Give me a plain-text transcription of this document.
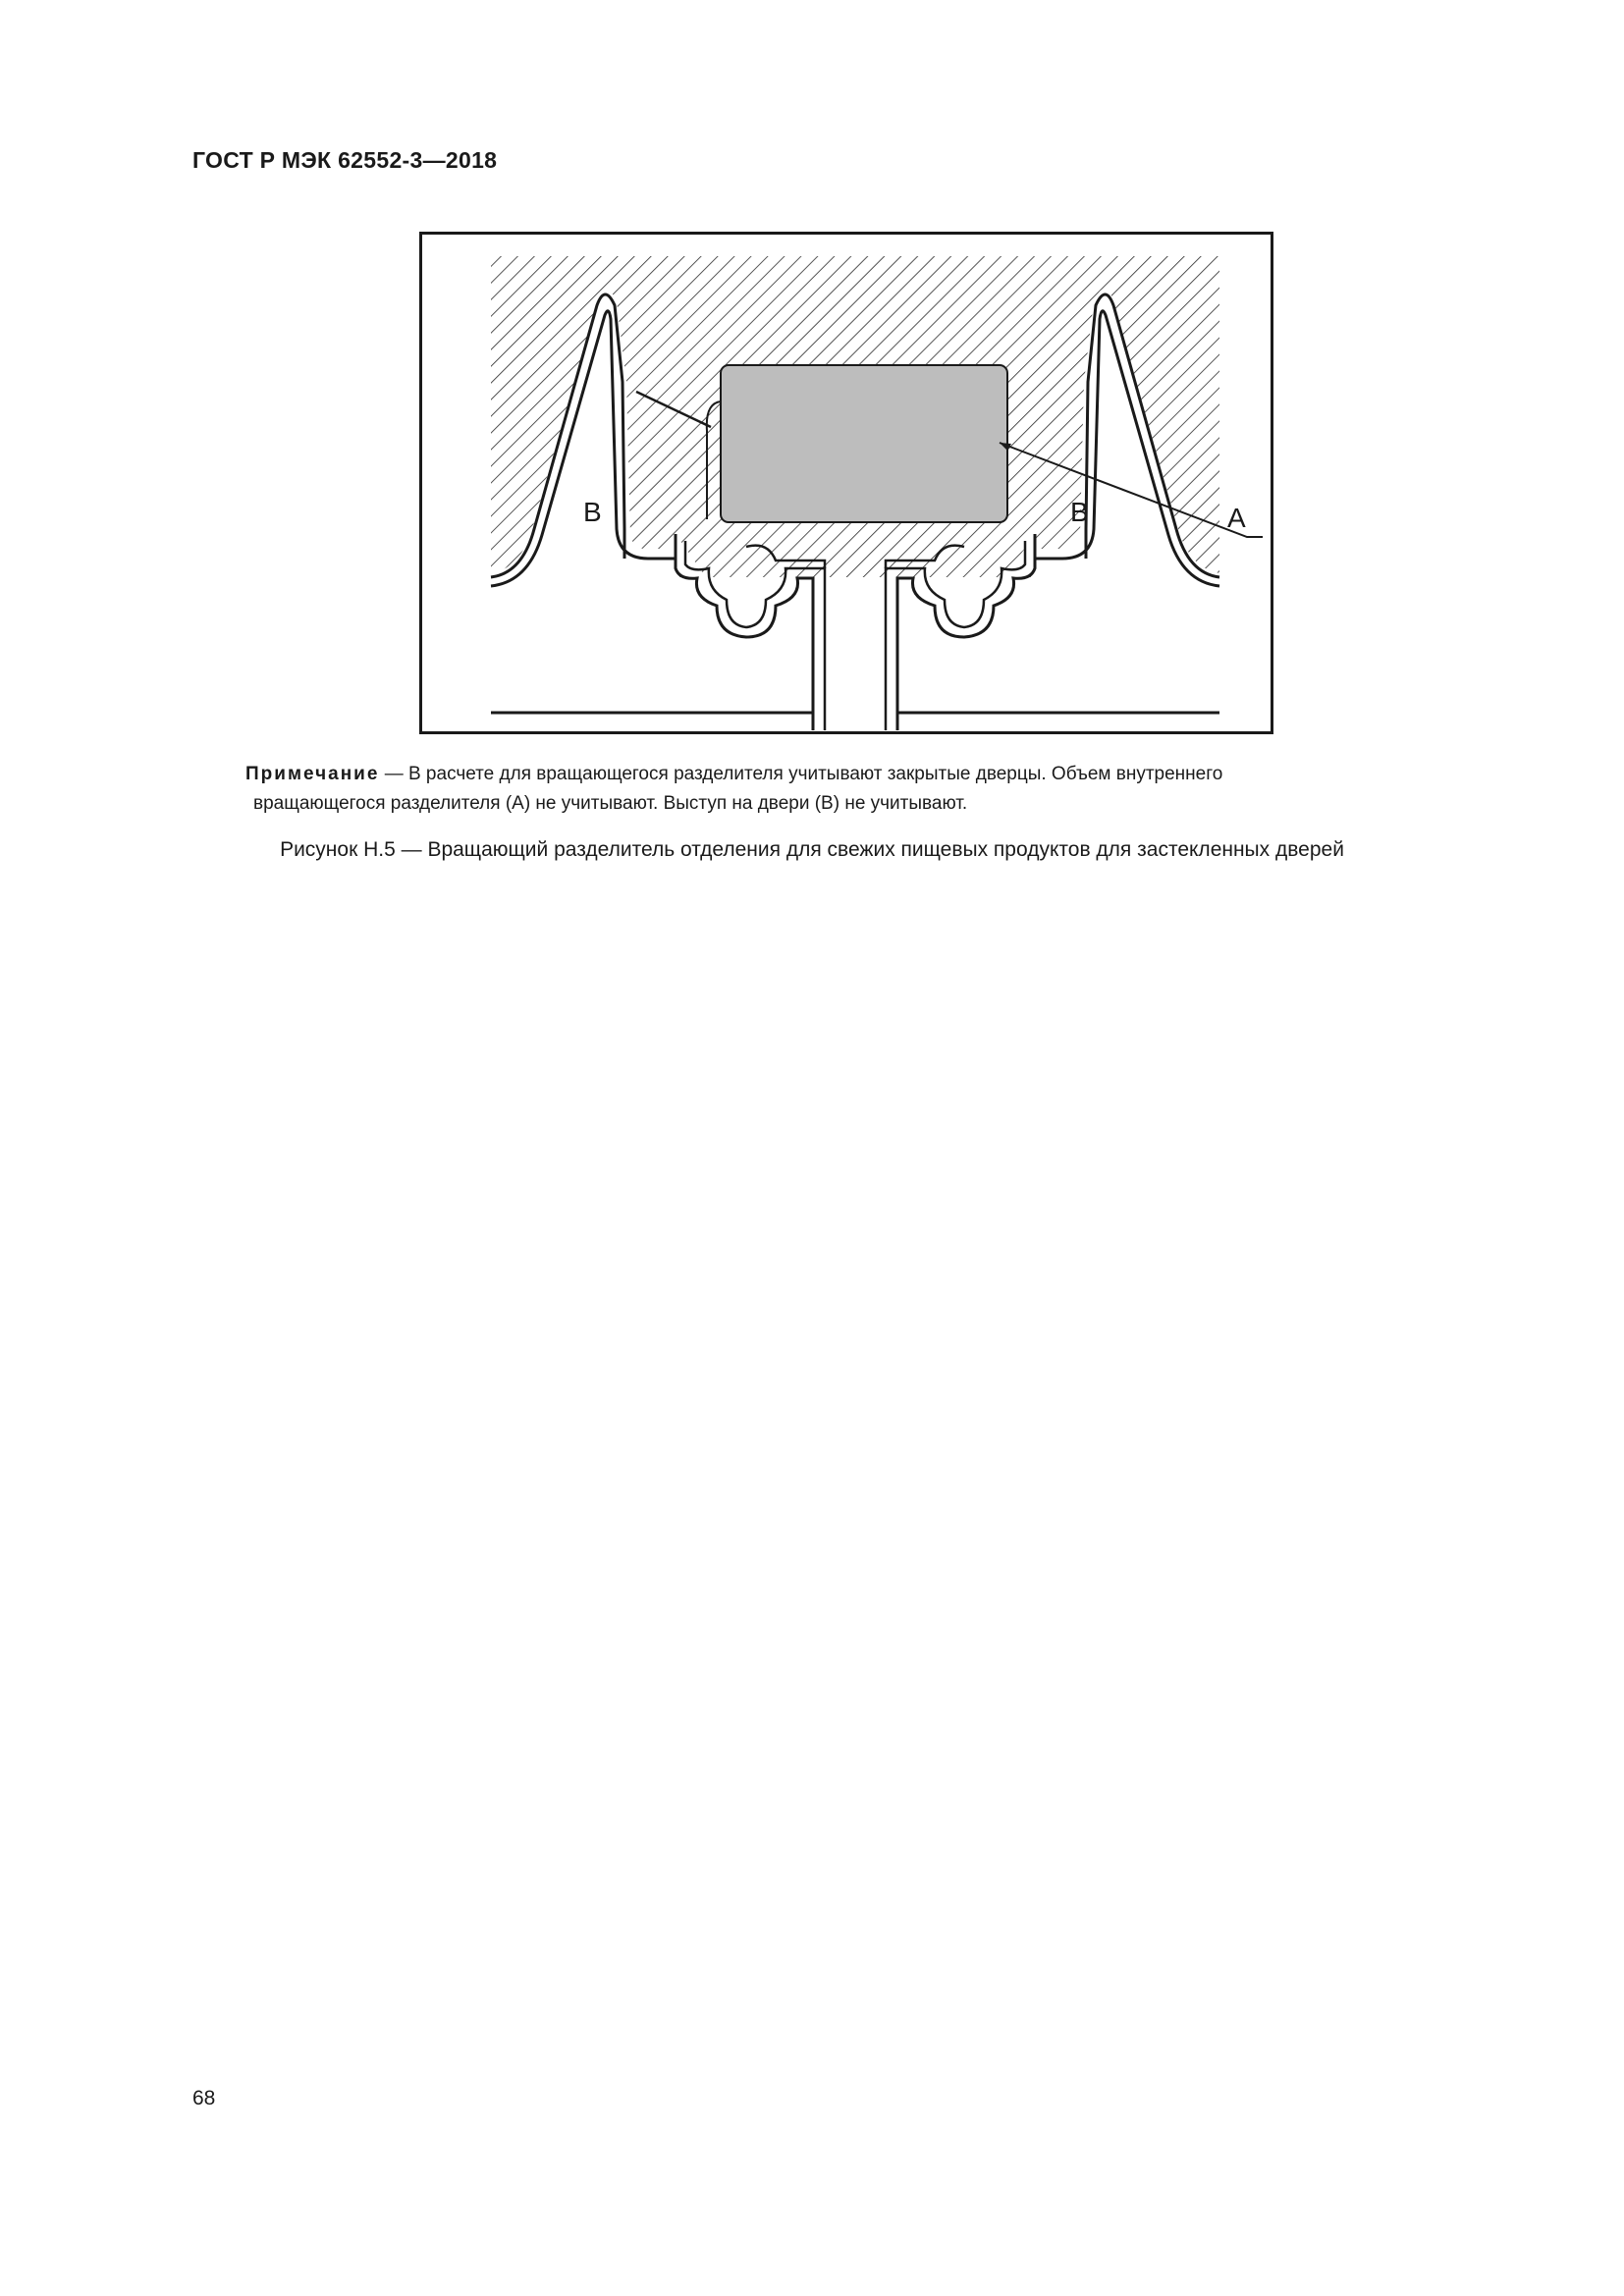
ГОСТ Р МЭК 62552-3—2018
B	B	A
Примечание — В расчете для вращающегося разделителя учитывают закрытые дверцы. Объем внутреннего
вращающегося разделителя (А) не учитывают. Выступ на двери (В) не учитывают.
Рисунок Н.5 — Вращающий разделитель отделения для свежих пищевых продуктов для застекленных дверей
68
